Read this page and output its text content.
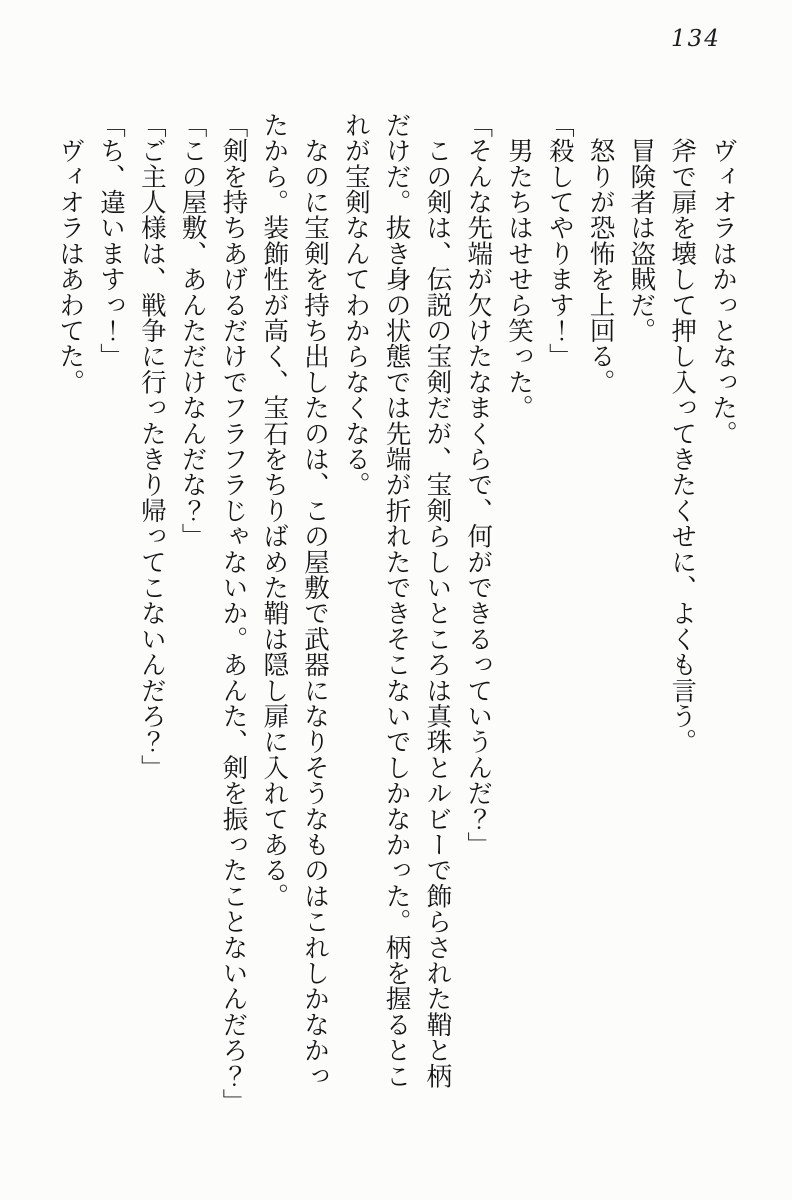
134
　ヴィオラはかっとなった。
　斧で扉を壊して押し入ってきたくせに、よくも言う。
　冒険者は盗賊だ。
　怒りが恐怖を上回る。
「殺してやります！」
　男たちはせせら笑った。
「そんな先端が欠けたなまくらで、何ができるっていうんだ？」
　この剣は、伝説の宝剣だが、宝剣らしいところは真珠とルビーで飾らされた鞘と柄
だけだ。抜き身の状態では先端が折れたできそこないでしかなかった。柄を握るとこ
れが宝剣なんてわからなくなる。
　なのに宝剣を持ち出したのは、この屋敷で武器になりそうなものはこれしかなかっ
たから。装飾性が高く、宝石をちりばめた鞘は隠し扉に入れてある。
「剣を持ちあげるだけでフラフラじゃないか。あんた、剣を振ったことないんだろ？」
「この屋敷、あんただけなんだな？」
「ご主人様は、戦争に行ったきり帰ってこないんだろ？」
「ち、違いますっ！」
　ヴィオラはあわてた。
